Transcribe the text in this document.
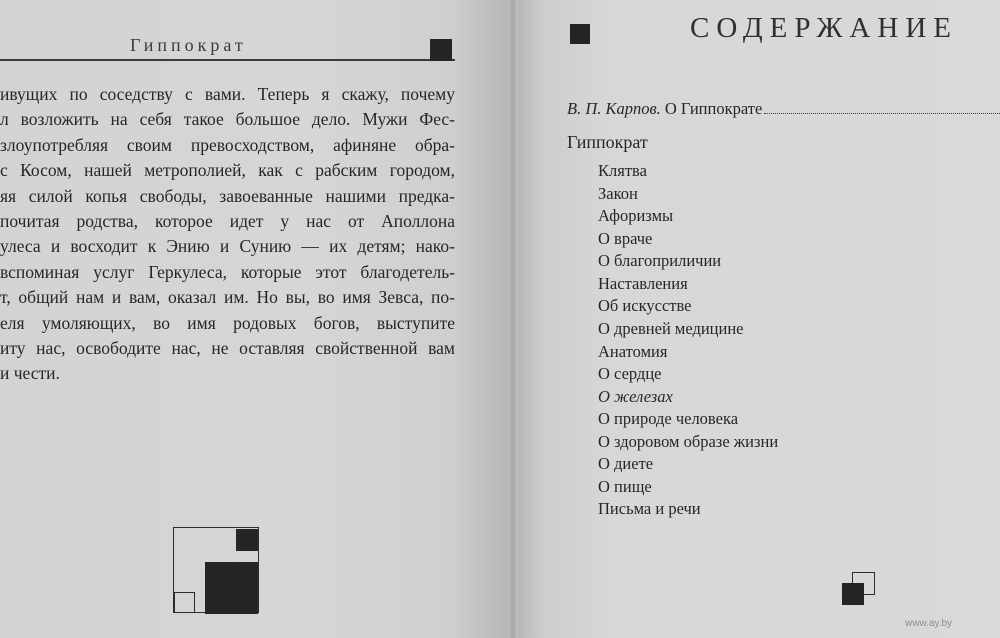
Гиппократ
ивущих по соседству с вами. Теперь я скажу, почему
л возложить на себя такое большое дело. Мужи Фес-
злоупотребляя своим превосходством, афиняне обра-
с Косом, нашей метрополией, как с рабским городом,
яя силой копья свободы, завоеванные нашими предка-
почитая родства, которое идет у нас от Аполлона
улеса и восходит к Энию и Сунию — их детям; нако-
вспоминая услуг Геркулеса, которые этот благодетель-
т, общий нам и вам, оказал им. Но вы, во имя Зевса, по-
еля умоляющих, во имя родовых богов, выступите
иту нас, освободите нас, не оставляя свойственной вам
и чести.
СОДЕРЖАНИЕ
В. П. Карпов.
О Гиппократе
Гиппократ
Клятва
Закон
Афоризмы
О враче
О благоприличии
Наставления
Об искусстве
О древней медицине
Анатомия
О сердце
О железах
О природе человека
О здоровом образе жизни
О диете
О пище
Письма и речи
www.ay.by
